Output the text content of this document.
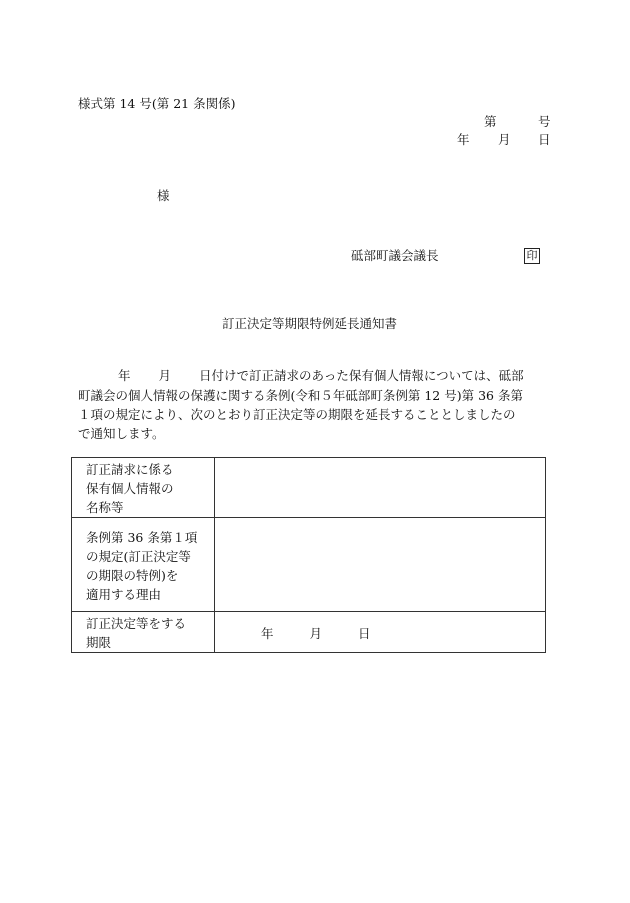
様式第 14 号(第 21 条関係)
第	号
年 月 日
様
砥部町議会議長	印
訂正決定等期限特例延長通知書
年 月 日付けで訂正請求のあった保有個人情報については、砥部
町議会の個人情報の保護に関する条例(令和５年砥部町条例第 12 号)第 36 条第
１項の規定により、次のとおり訂正決定等の期限を延長することとしましたの
で通知します。
訂正請求に係る
保有個人情報の
名称等	

条例第 36 条第１項
の規定(訂正決定等
の期限の特例)を
適用する理由	

訂正決定等をする
期限	年 月 日
